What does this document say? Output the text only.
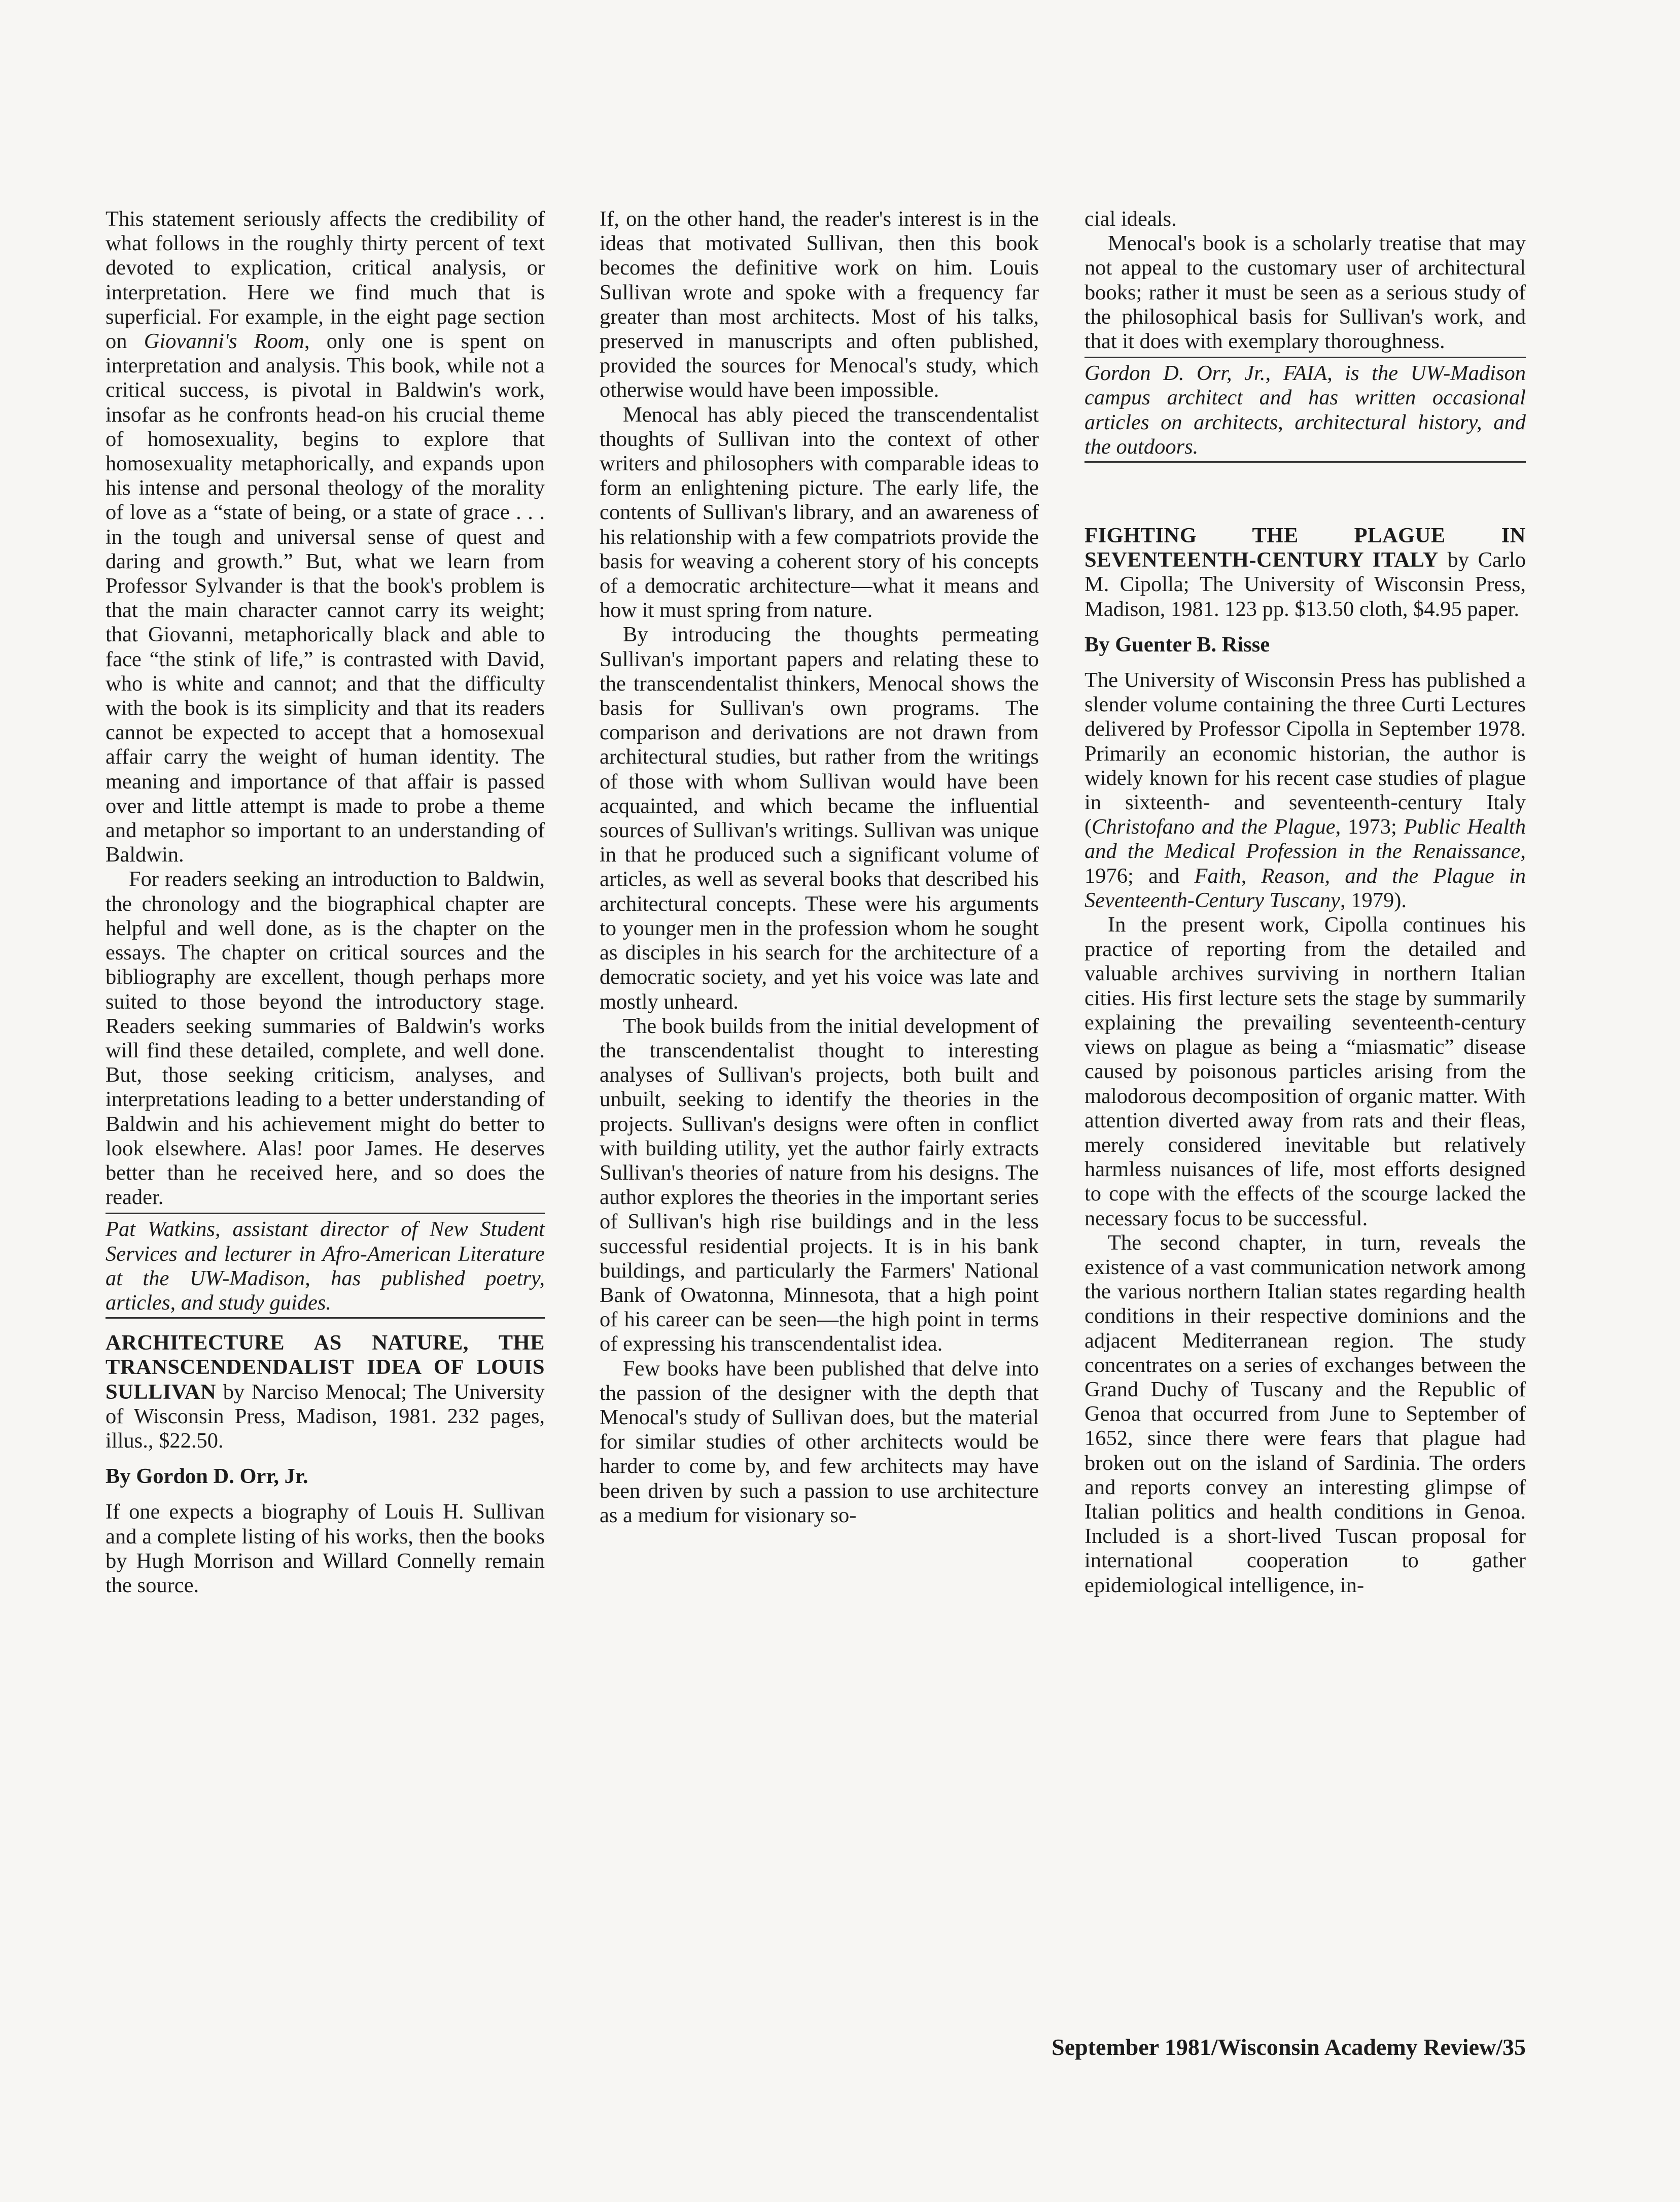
This statement seriously affects the credibility of what follows in the roughly thirty percent of text devoted to explication, critical analysis, or interpretation. Here we find much that is superficial. For example, in the eight page section on Giovanni's Room, only one is spent on interpretation and analysis. This book, while not a critical success, is pivotal in Baldwin's work, insofar as he confronts head-on his crucial theme of homosexuality, begins to explore that homosexuality metaphorically, and expands upon his intense and personal theology of the morality of love as a “state of being, or a state of grace . . . in the tough and universal sense of quest and daring and growth.” But, what we learn from Professor Sylvander is that the book's problem is that the main character cannot carry its weight; that Giovanni, metaphorically black and able to face “the stink of life,” is contrasted with David, who is white and cannot; and that the difficulty with the book is its simplicity and that its readers cannot be expected to accept that a homosexual affair carry the weight of human identity. The meaning and importance of that affair is passed over and little attempt is made to probe a theme and metaphor so important to an understanding of Baldwin.

For readers seeking an introduction to Baldwin, the chronology and the biographical chapter are helpful and well done, as is the chapter on the essays. The chapter on critical sources and the bibliography are excellent, though perhaps more suited to those beyond the introductory stage. Readers seeking summaries of Baldwin's works will find these detailed, complete, and well done. But, those seeking criticism, analyses, and interpretations leading to a better understanding of Baldwin and his achievement might do better to look elsewhere. Alas! poor James. He deserves better than he received here, and so does the reader.

Pat Watkins, assistant director of New Student Services and lecturer in Afro-American Literature at the UW-Madison, has published poetry, articles, and study guides.

ARCHITECTURE AS NATURE, THE TRANSCENDENDALIST IDEA OF LOUIS SULLIVAN by Narciso Menocal; The University of Wisconsin Press, Madison, 1981. 232 pages, illus., $22.50.

By Gordon D. Orr, Jr.

If one expects a biography of Louis H. Sullivan and a complete listing of his works, then the books by Hugh Morrison and Willard Connelly remain the source.

If, on the other hand, the reader's interest is in the ideas that motivated Sullivan, then this book becomes the definitive work on him. Louis Sullivan wrote and spoke with a frequency far greater than most architects. Most of his talks, preserved in manuscripts and often published, provided the sources for Menocal's study, which otherwise would have been impossible.

Menocal has ably pieced the transcendentalist thoughts of Sullivan into the context of other writers and philosophers with comparable ideas to form an enlightening picture. The early life, the contents of Sullivan's library, and an awareness of his relationship with a few compatriots provide the basis for weaving a coherent story of his concepts of a democratic architecture—what it means and how it must spring from nature.

By introducing the thoughts permeating Sullivan's important papers and relating these to the transcendentalist thinkers, Menocal shows the basis for Sullivan's own programs. The comparison and derivations are not drawn from architectural studies, but rather from the writings of those with whom Sullivan would have been acquainted, and which became the influential sources of Sullivan's writings. Sullivan was unique in that he produced such a significant volume of articles, as well as several books that described his architectural concepts. These were his arguments to younger men in the profession whom he sought as disciples in his search for the architecture of a democratic society, and yet his voice was late and mostly unheard.

The book builds from the initial development of the transcendentalist thought to interesting analyses of Sullivan's projects, both built and unbuilt, seeking to identify the theories in the projects. Sullivan's designs were often in conflict with building utility, yet the author fairly extracts Sullivan's theories of nature from his designs. The author explores the theories in the important series of Sullivan's high rise buildings and in the less successful residential projects. It is in his bank buildings, and particularly the Farmers' National Bank of Owatonna, Minnesota, that a high point of his career can be seen—the high point in terms of expressing his transcendentalist idea.

Few books have been published that delve into the passion of the designer with the depth that Menocal's study of Sullivan does, but the material for similar studies of other architects would be harder to come by, and few architects may have been driven by such a passion to use architecture as a medium for visionary so-

cial ideals.

Menocal's book is a scholarly treatise that may not appeal to the customary user of architectural books; rather it must be seen as a serious study of the philosophical basis for Sullivan's work, and that it does with exemplary thoroughness.

Gordon D. Orr, Jr., FAIA, is the UW-Madison campus architect and has written occasional articles on architects, architectural history, and the outdoors.

FIGHTING THE PLAGUE IN SEVENTEENTH-CENTURY ITALY by Carlo M. Cipolla; The University of Wisconsin Press, Madison, 1981. 123 pp. $13.50 cloth, $4.95 paper.

By Guenter B. Risse

The University of Wisconsin Press has published a slender volume containing the three Curti Lectures delivered by Professor Cipolla in September 1978. Primarily an economic historian, the author is widely known for his recent case studies of plague in sixteenth- and seventeenth-century Italy (Christofano and the Plague, 1973; Public Health and the Medical Profession in the Renaissance, 1976; and Faith, Reason, and the Plague in Seventeenth-Century Tuscany, 1979).

In the present work, Cipolla continues his practice of reporting from the detailed and valuable archives surviving in northern Italian cities. His first lecture sets the stage by summarily explaining the prevailing seventeenth-century views on plague as being a “miasmatic” disease caused by poisonous particles arising from the malodorous decomposition of organic matter. With attention diverted away from rats and their fleas, merely considered inevitable but relatively harmless nuisances of life, most efforts designed to cope with the effects of the scourge lacked the necessary focus to be successful.

The second chapter, in turn, reveals the existence of a vast communication network among the various northern Italian states regarding health conditions in their respective dominions and the adjacent Mediterranean region. The study concentrates on a series of exchanges between the Grand Duchy of Tuscany and the Republic of Genoa that occurred from June to September of 1652, since there were fears that plague had broken out on the island of Sardinia. The orders and reports convey an interesting glimpse of Italian politics and health conditions in Genoa. Included is a short-lived Tuscan proposal for international cooperation to gather epidemiological intelligence, in-

September 1981/Wisconsin Academy Review/35
